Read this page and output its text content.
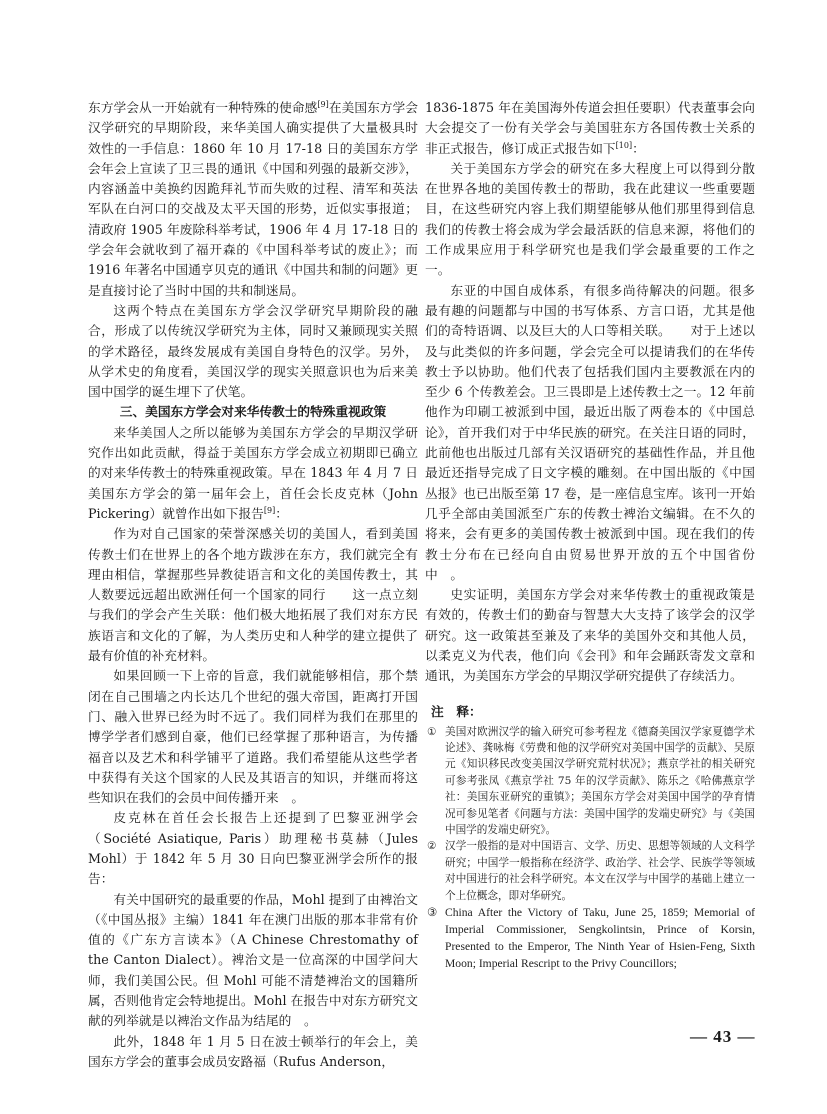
东方学会从一开始就有一种特殊的使命感[9]在美国东方学会汉学研究的早期阶段，来华美国人确实提供了大量极具时效性的一手信息：1860 年 10 月 17-18 日的美国东方学会年会上宣读了卫三畏的通讯《中国和列强的最新交涉》，内容涵盖中美换约因跪拜礼节而失败的过程、清军和英法军队在白河口的交战及太平天国的形势，近似实事报道；清政府 1905 年废除科举考试，1906 年 4 月 17-18 日的学会年会就收到了福开森的《中国科举考试的废止》；而 1916 年著名中国通亨贝克的通讯《中国共和制的问题》更是直接讨论了当时中国的共和制迷局。

这两个特点在美国东方学会汉学研究早期阶段的融合，形成了以传统汉学研究为主体，同时又兼顾现实关照的学术路径，最终发展成有美国自身特色的汉学。另外，从学术史的角度看，美国汉学的现实关照意识也为后来美国中国学的诞生埋下了伏笔。

三、美国东方学会对来华传教士的特殊重视政策

来华美国人之所以能够为美国东方学会的早期汉学研究作出如此贡献，得益于美国东方学会成立初期即已确立的对来华传教士的特殊重视政策。早在 1843 年 4 月 7 日美国东方学会的第一届年会上，首任会长皮克林（John Pickering）就曾作出如下报告[9]：

作为对自己国家的荣誉深感关切的美国人，看到美国传教士们在世界上的各个地方跋涉在东方，我们就完全有理由相信，掌握那些异教徒语言和文化的美国传教士，其人数要远远超出欧洲任何一个国家的同行　　这一点立刻与我们的学会产生关联：他们极大地拓展了我们对东方民族语言和文化的了解，为人类历史和人种学的建立提供了最有价值的补充材料。

如果回顾一下上帝的旨意，我们就能够相信，那个禁闭在自己围墙之内长达几个世纪的强大帝国，距离打开国门、融入世界已经为时不远了。我们同样为我们在那里的博学学者们感到自豪，他们已经掌握了那种语言，为传播福音以及艺术和科学铺平了道路。我们希望能从这些学者中获得有关这个国家的人民及其语言的知识，并继而将这些知识在我们的会员中间传播开来　。

皮克林在首任会长报告上还提到了巴黎亚洲学会（Société Asiatique, Paris）助理秘书莫赫（Jules Mohl）于 1842 年 5 月 30 日向巴黎亚洲学会所作的报告：

有关中国研究的最重要的作品，Mohl 提到了由裨治文（《中国丛报》主编）1841 年在澳门出版的那本非常有价值的《广东方言读本》（A Chinese Chrestomathy of the Canton Dialect）。裨治文是一位高深的中国学问大师，我们美国公民。但 Mohl 可能不清楚裨治文的国籍所属，否则他肯定会特地提出。Mohl 在报告中对东方研究文献的列举就是以裨治文作品为结尾的　。

此外，1848 年 1 月 5 日在波士顿举行的年会上，美国东方学会的董事会成员安路福（Rufus Anderson，

1836-1875 年在美国海外传道会担任要职）代表董事会向大会提交了一份有关学会与美国驻东方各国传教士关系的非正式报告，修订成正式报告如下[10]：

关于美国东方学会的研究在多大程度上可以得到分散在世界各地的美国传教士的帮助，我在此建议一些重要题目，在这些研究内容上我们期望能够从他们那里得到信息　　我们的传教士将会成为学会最活跃的信息来源，将他们的工作成果应用于科学研究也是我们学会最重要的工作之一。

东亚的中国自成体系，有很多尚待解决的问题。很多最有趣的问题都与中国的书写体系、方言口语，尤其是他们的奇特语调、以及巨大的人口等相关联。　　对于上述以及与此类似的许多问题，学会完全可以提请我们的在华传教士予以协助。他们代表了包括我们国内主要教派在内的至少 6 个传教差会。卫三畏即是上述传教士之一。12 年前他作为印刷工被派到中国，最近出版了两卷本的《中国总论》，首开我们对于中华民族的研究。在关注日语的同时，此前他也出版过几部有关汉语研究的基础性作品，并且他最近还指导完成了日文字模的雕刻。在中国出版的《中国丛报》也已出版至第 17 卷，是一座信息宝库。该刊一开始几乎全部由美国派至广东的传教士裨治文编辑。在不久的将来，会有更多的美国传教士被派到中国。现在我们的传教士分布在已经向自由贸易世界开放的五个中国省份中　。

史实证明，美国东方学会对来华传教士的重视政策是有效的，传教士们的勤奋与智慧大大支持了该学会的汉学研究。这一政策甚至兼及了来华的美国外交和其他人员，以柔克义为代表，他们向《会刊》和年会踊跃寄发文章和通讯，为美国东方学会的早期汉学研究提供了存续活力。

注　释：

① 美国对欧洲汉学的输入研究可参考程龙《德裔美国汉学家夏德学术论述》、龚咏梅《劳费和他的汉学研究对美国中国学的贡献》、吴原元《知识移民改变美国汉学研究荒村状况》；燕京学社的相关研究可参考张凤《燕京学社 75 年的汉学贡献》、陈乐之《哈佛燕京学社：美国东亚研究的重镇》；美国东方学会对美国中国学的孕育情况可参见笔者《问题与方法：美国中国学的发端史研究》与《美国中国学的发端史研究》。

② 汉学一般指的是对中国语言、文学、历史、思想等领域的人文科学研究；中国学一般指称在经济学、政治学、社会学、民族学等领域对中国进行的社会科学研究。本文在汉学与中国学的基础上建立一个上位概念，即对华研究。

③ China After the Victory of Taku, June 25, 1859; Memorial of Imperial Commissioner, Sengkolintsin, Prince of Korsin, Presented to the Emperor, The Ninth Year of Hsien-Feng, Sixth Moon; Imperial Rescript to the Privy Councillors;

— 43 —
